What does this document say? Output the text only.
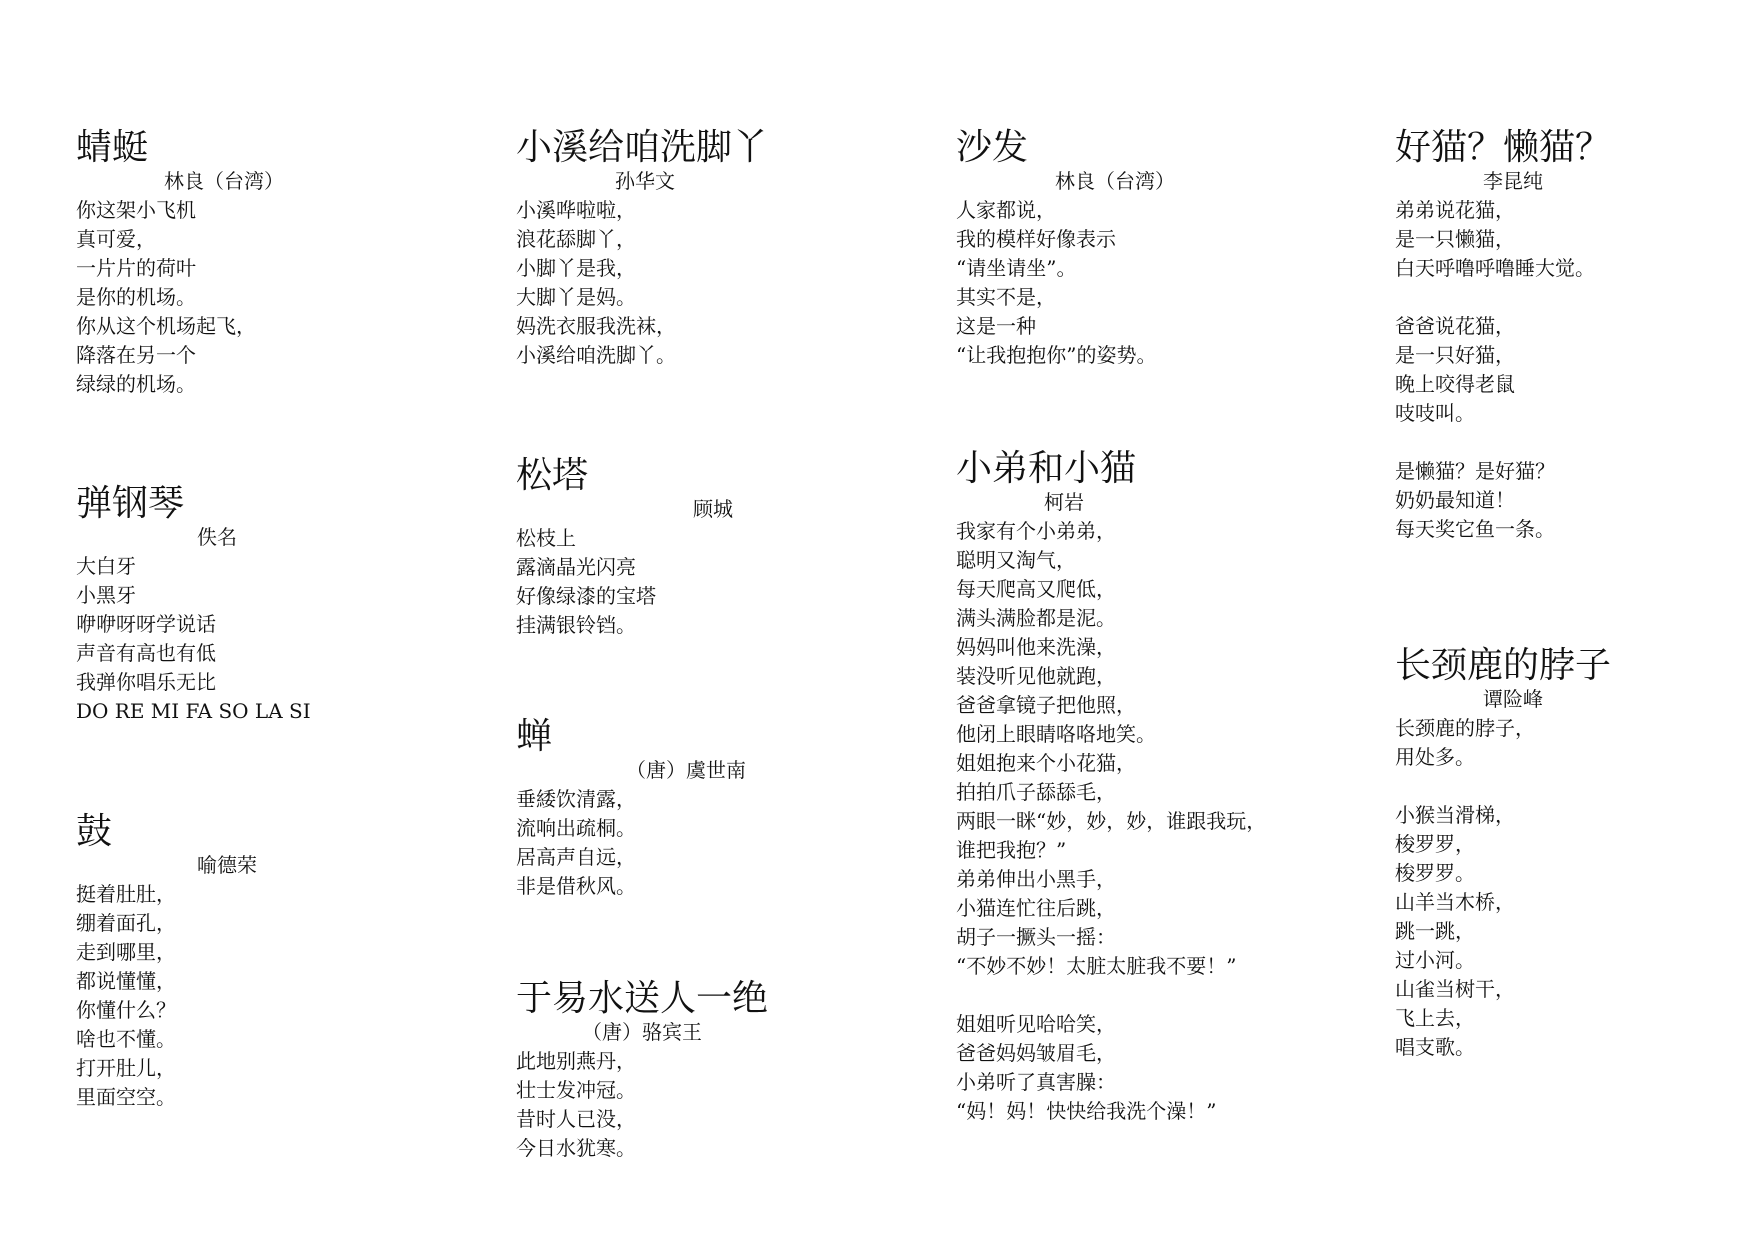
蜻蜓
林良（台湾）
你这架小飞机
真可爱，
一片片的荷叶
是你的机场。
你从这个机场起飞，
降落在另一个
绿绿的机场。
弹钢琴
佚名
大白牙
小黑牙
咿咿呀呀学说话
声音有高也有低
我弹你唱乐无比
DO RE MI FA SO LA SI
鼓
喻德荣
挺着肚肚，
绷着面孔，
走到哪里，
都说懂懂，
你懂什么？
啥也不懂。
打开肚儿，
里面空空。
小溪给咱洗脚丫
孙华文
小溪哗啦啦，
浪花舔脚丫，
小脚丫是我，
大脚丫是妈。
妈洗衣服我洗袜，
小溪给咱洗脚丫。
松塔
顾城
松枝上
露滴晶光闪亮
好像绿漆的宝塔
挂满银铃铛。
蝉
（唐）虞世南
垂緌饮清露，
流响出疏桐。
居高声自远，
非是借秋风。
于易水送人一绝
（唐）骆宾王
此地别燕丹，
壮士发冲冠。
昔时人已没，
今日水犹寒。
沙发
林良（台湾）
人家都说，
我的模样好像表示
“请坐请坐”。
其实不是，
这是一种
“让我抱抱你”的姿势。
小弟和小猫
柯岩
我家有个小弟弟，
聪明又淘气，
每天爬高又爬低，
满头满脸都是泥。
妈妈叫他来洗澡，
装没听见他就跑，
爸爸拿镜子把他照，
他闭上眼睛咯咯地笑。
姐姐抱来个小花猫，
拍拍爪子舔舔毛，
两眼一眯“妙，妙，妙，谁跟我玩，
谁把我抱？”
弟弟伸出小黑手，
小猫连忙往后跳，
胡子一撅头一摇：
“不妙不妙！太脏太脏我不要！”
姐姐听见哈哈笑，
爸爸妈妈皱眉毛，
小弟听了真害臊：
“妈！妈！快快给我洗个澡！”
好猫？懒猫？
李昆纯
弟弟说花猫，
是一只懒猫，
白天呼噜呼噜睡大觉。
爸爸说花猫，
是一只好猫，
晚上咬得老鼠
吱吱叫。
是懒猫？是好猫？
奶奶最知道！
每天奖它鱼一条。
长颈鹿的脖子
谭险峰
长颈鹿的脖子，
用处多。
小猴当滑梯，
梭罗罗，
梭罗罗。
山羊当木桥，
跳一跳，
过小河。
山雀当树干，
飞上去，
唱支歌。
